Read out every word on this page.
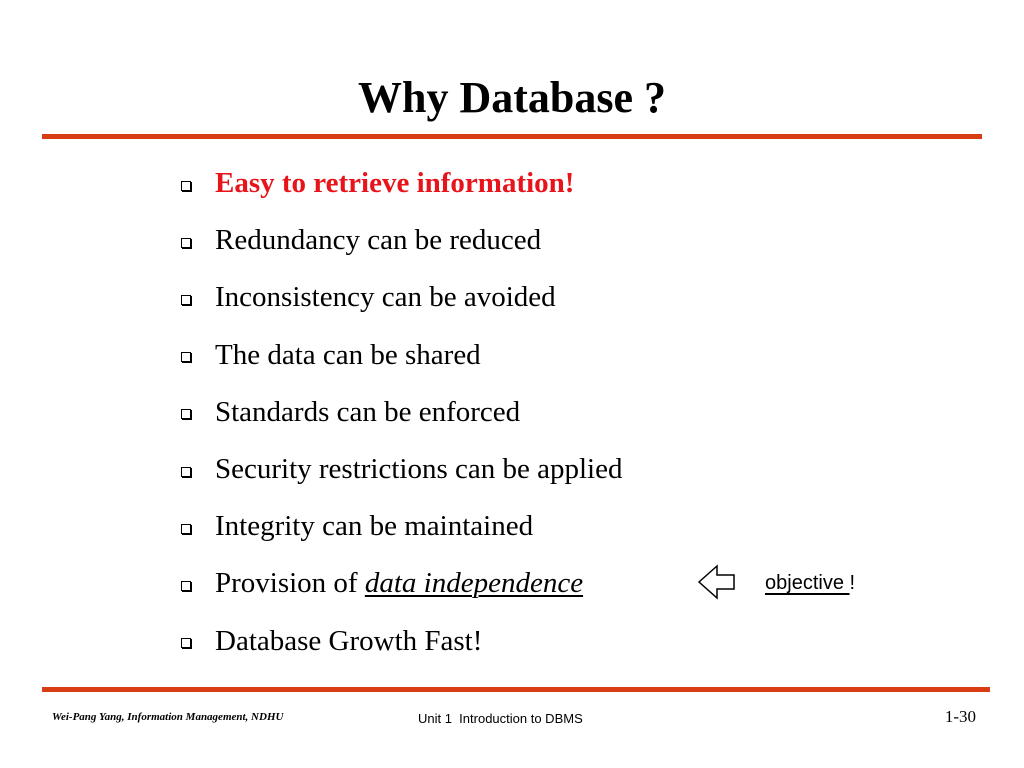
Why Database ?
Easy to retrieve information!
Redundancy can be reduced
Inconsistency can be avoided
The data can be shared
Standards can be enforced
Security restrictions can be applied
Integrity can be maintained
Provision of data independence
Database Growth Fast!
objective !
Wei-Pang Yang, Information Management, NDHU	Unit 1  Introduction to DBMS	1-30
